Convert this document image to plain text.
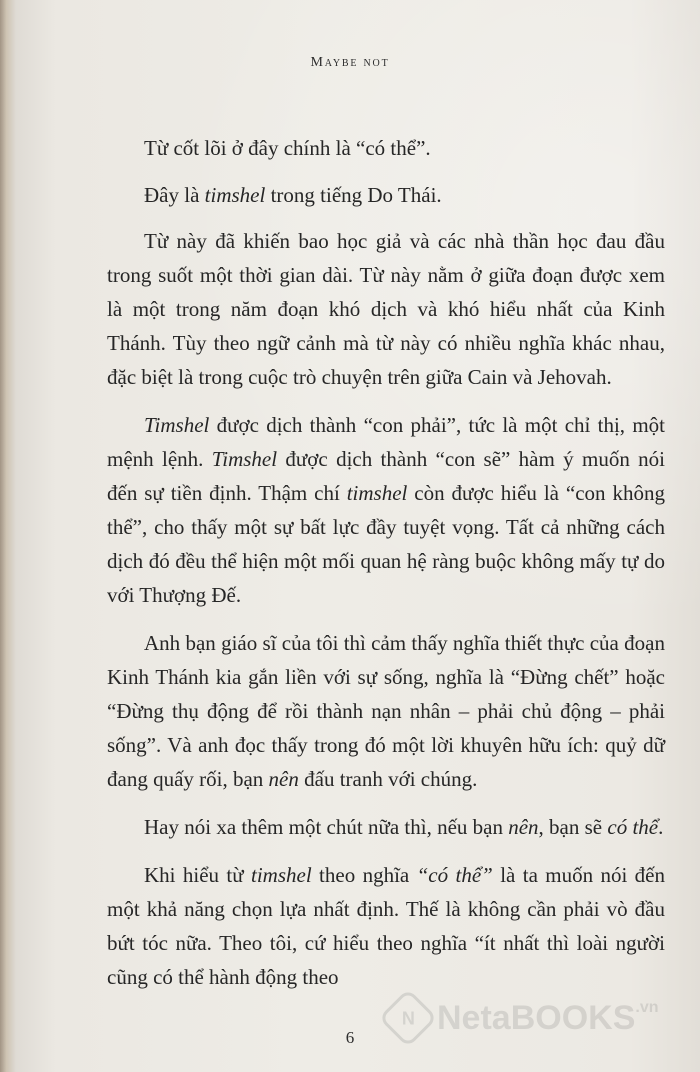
Maybe not

Từ cốt lõi ở đây chính là “có thể”.

Đây là timshel trong tiếng Do Thái.

Từ này đã khiến bao học giả và các nhà thần học đau đầu trong suốt một thời gian dài. Từ này nằm ở giữa đoạn được xem là một trong năm đoạn khó dịch và khó hiểu nhất của Kinh Thánh. Tùy theo ngữ cảnh mà từ này có nhiều nghĩa khác nhau, đặc biệt là trong cuộc trò chuyện trên giữa Cain và Jehovah.

Timshel được dịch thành “con phải”, tức là một chỉ thị, một mệnh lệnh. Timshel được dịch thành “con sẽ” hàm ý muốn nói đến sự tiền định. Thậm chí timshel còn được hiểu là “con không thể”, cho thấy một sự bất lực đầy tuyệt vọng. Tất cả những cách dịch đó đều thể hiện một mối quan hệ ràng buộc không mấy tự do với Thượng Đế.

Anh bạn giáo sĩ của tôi thì cảm thấy nghĩa thiết thực của đoạn Kinh Thánh kia gắn liền với sự sống, nghĩa là “Đừng chết” hoặc “Đừng thụ động để rồi thành nạn nhân – phải chủ động – phải sống”. Và anh đọc thấy trong đó một lời khuyên hữu ích: quỷ dữ đang quấy rối, bạn nên đấu tranh với chúng.

Hay nói xa thêm một chút nữa thì, nếu bạn nên, bạn sẽ có thể.

Khi hiểu từ timshel theo nghĩa “có thể” là ta muốn nói đến một khả năng chọn lựa nhất định. Thế là không cần phải vò đầu bứt tóc nữa. Theo tôi, cứ hiểu theo nghĩa “ít nhất thì loài người cũng có thể hành động theo

N NetaBOOKS$^{.vn}$
6
